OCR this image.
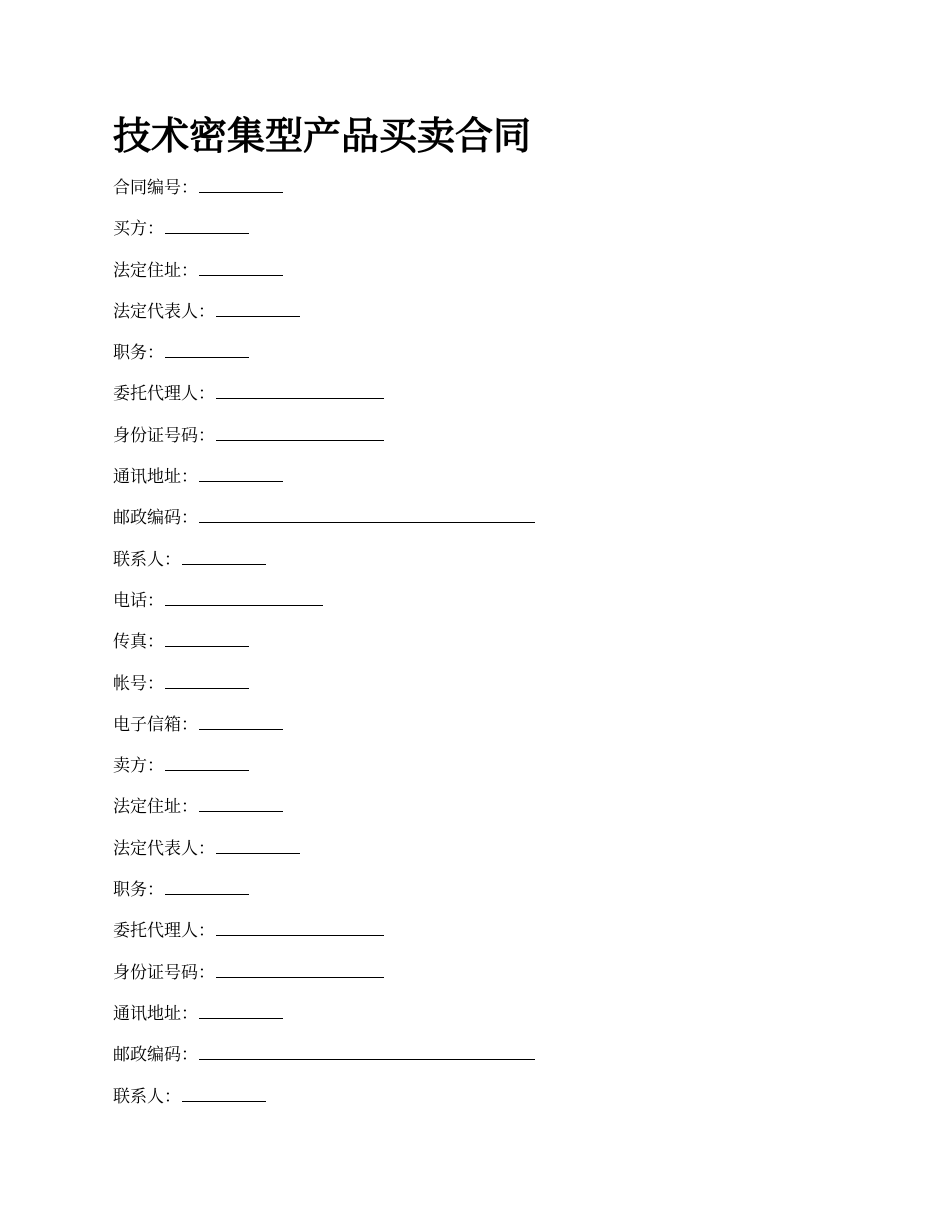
技术密集型产品买卖合同
合同编号：
买方：
法定住址：
法定代表人：
职务：
委托代理人：
身份证号码：
通讯地址：
邮政编码：
联系人：
电话：
传真：
帐号：
电子信箱：
卖方：
法定住址：
法定代表人：
职务：
委托代理人：
身份证号码：
通讯地址：
邮政编码：
联系人：
